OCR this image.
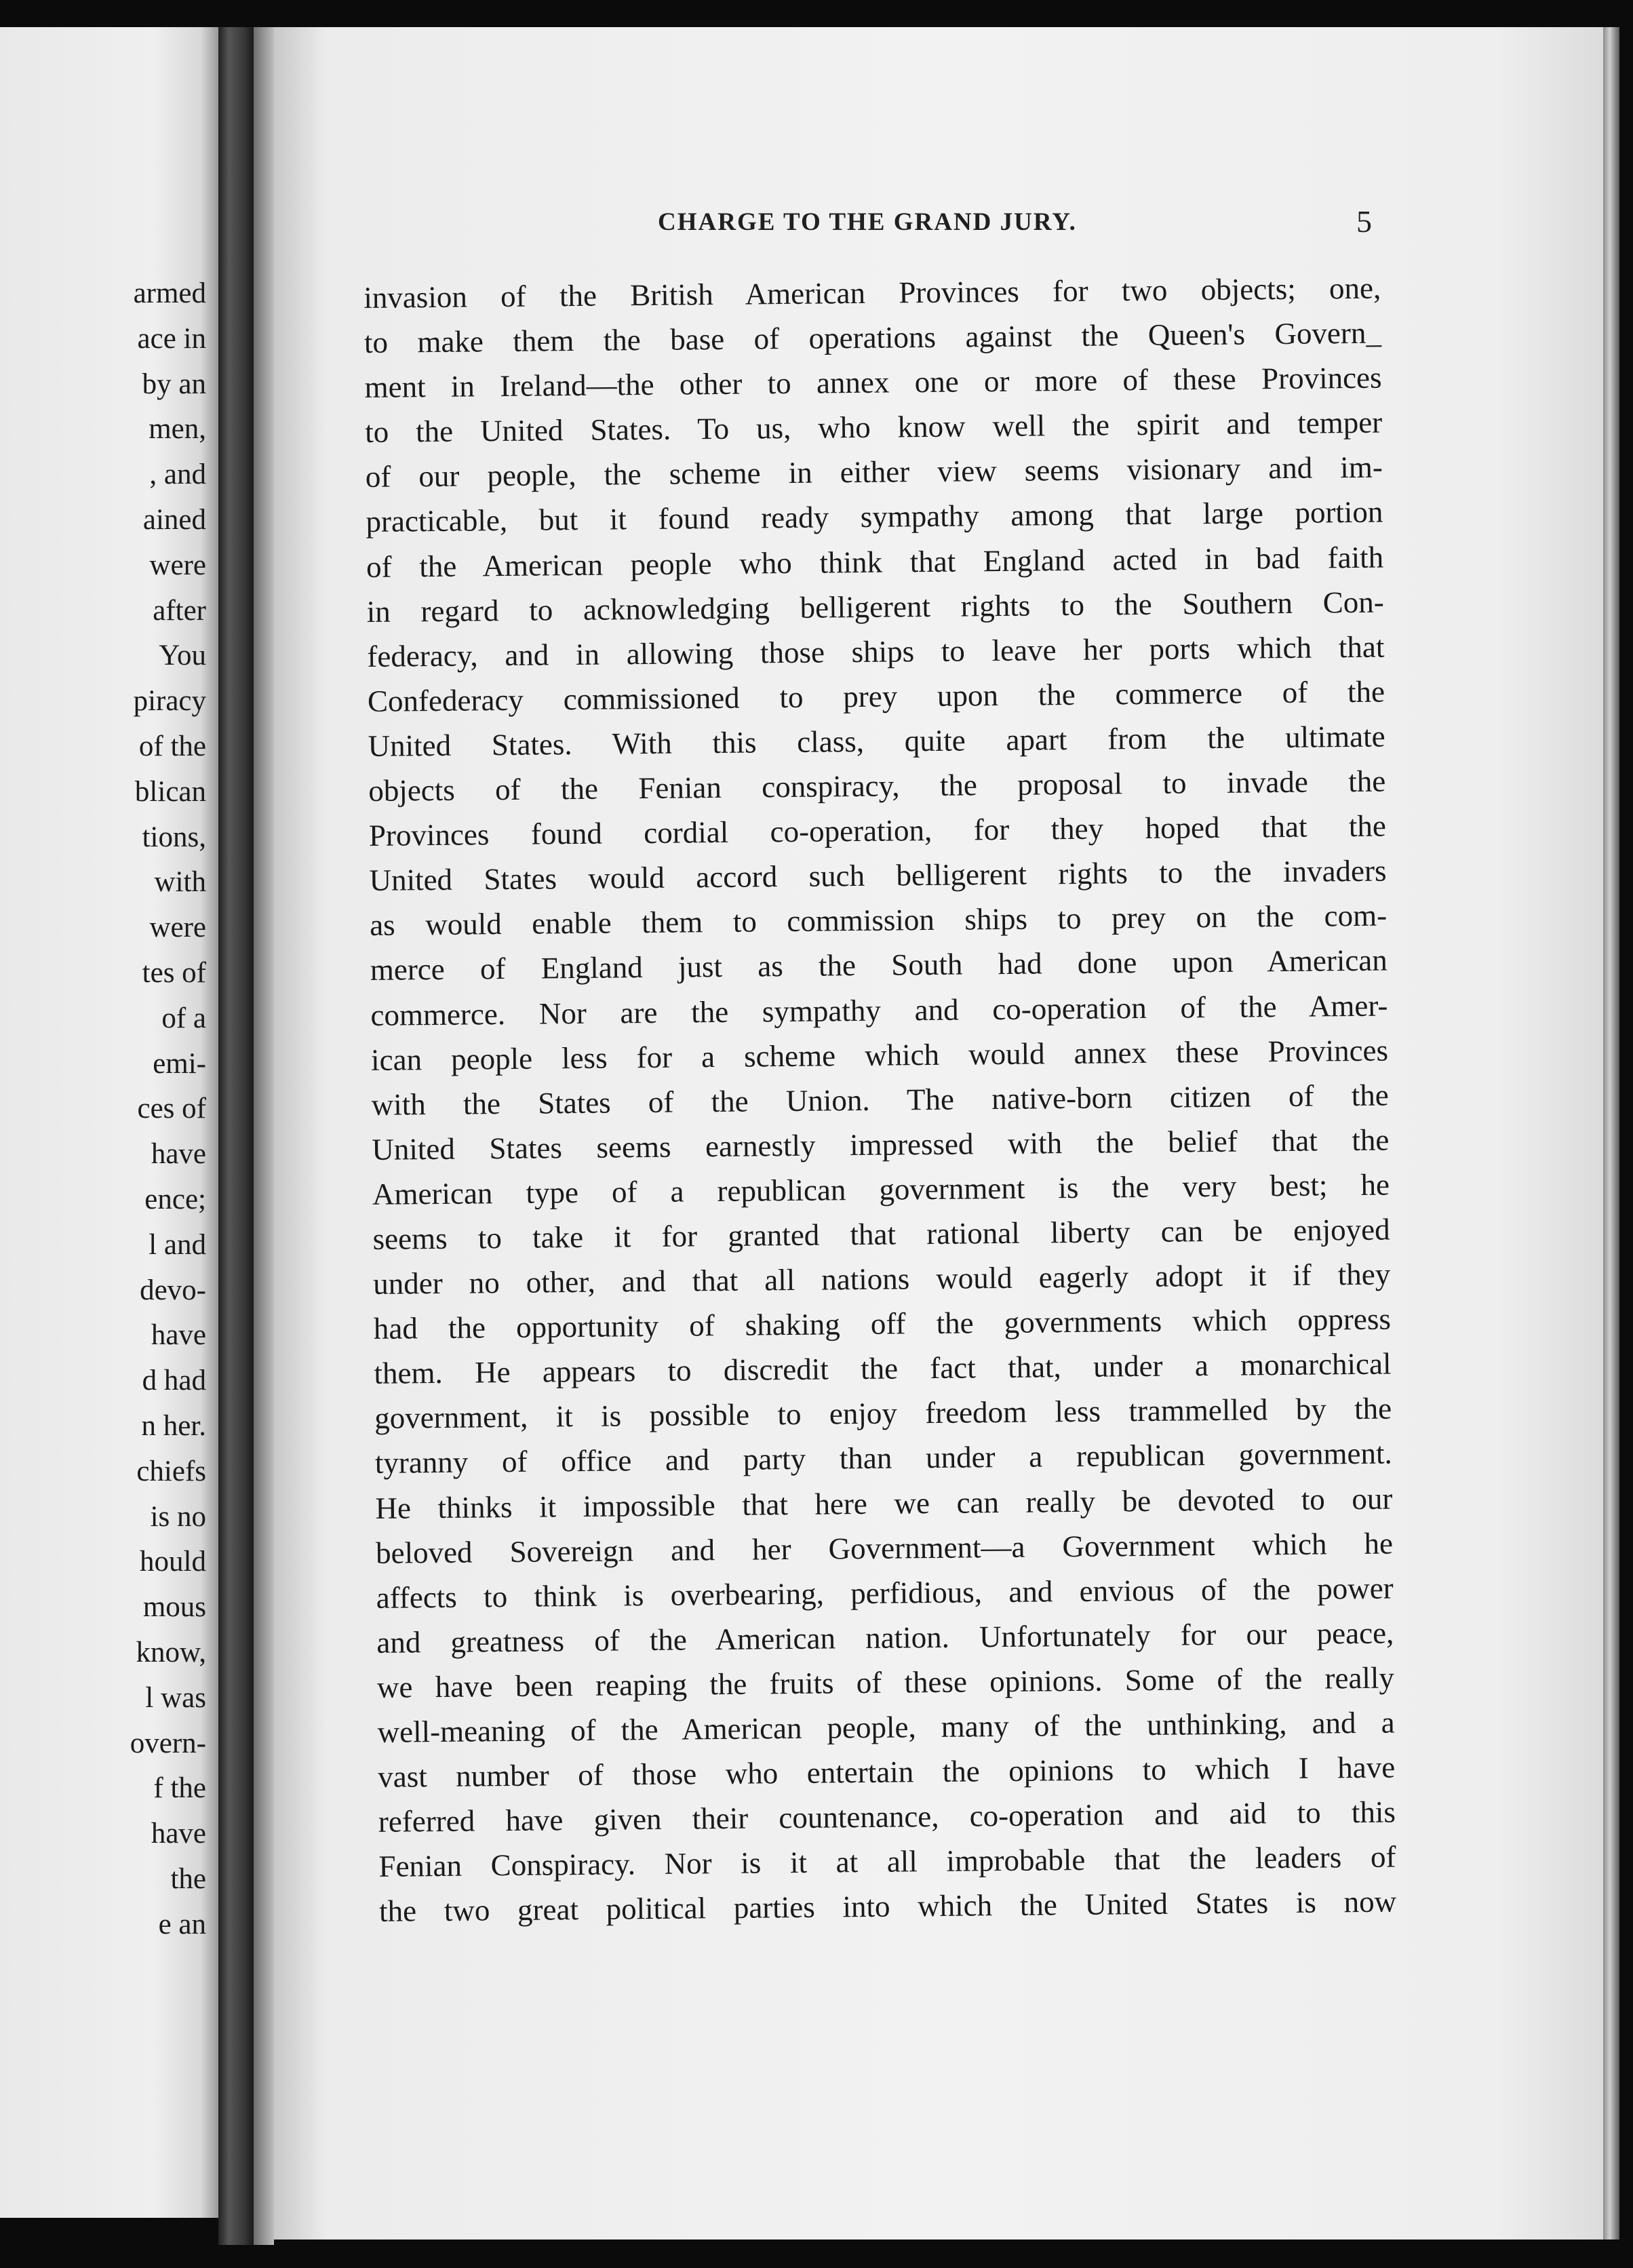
armed
ace in
by an
men,
, and
ained
were
after
You
piracy
of the
blican
tions,
with
were
tes of
of a
emi-
ces of
have
ence;
l and
devo-
have
d had
n her.
chiefs
is no
hould
mous
know,
l was
overn-
f the
have
the
e an
CHARGE TO THE GRAND JURY.	5
invasion of the British American Provinces for two objects; one,
to make them the base of operations against the Queen's Govern_
ment in Ireland—the other to annex one or more of these Provinces
to the United States. To us, who know well the spirit and temper
of our people, the scheme in either view seems visionary and im-
practicable, but it found ready sympathy among that large portion
of the American people who think that England acted in bad faith
in regard to acknowledging belligerent rights to the Southern Con-
federacy, and in allowing those ships to leave her ports which that
Confederacy commissioned to prey upon the commerce of the
United States. With this class, quite apart from the ultimate
objects of the Fenian conspiracy, the proposal to invade the
Provinces found cordial co-operation, for they hoped that the
United States would accord such belligerent rights to the invaders
as would enable them to commission ships to prey on the com-
merce of England just as the South had done upon American
commerce. Nor are the sympathy and co-operation of the Amer-
ican people less for a scheme which would annex these Provinces
with the States of the Union. The native-born citizen of the
United States seems earnestly impressed with the belief that the
American type of a republican government is the very best; he
seems to take it for granted that rational liberty can be enjoyed
under no other, and that all nations would eagerly adopt it if they
had the opportunity of shaking off the governments which oppress
them. He appears to discredit the fact that, under a monarchical
government, it is possible to enjoy freedom less trammelled by the
tyranny of office and party than under a republican government.
He thinks it impossible that here we can really be devoted to our
beloved Sovereign and her Government—a Government which he
affects to think is overbearing, perfidious, and envious of the power
and greatness of the American nation. Unfortunately for our peace,
we have been reaping the fruits of these opinions. Some of the really
well-meaning of the American people, many of the unthinking, and a
vast number of those who entertain the opinions to which I have
referred have given their countenance, co-operation and aid to this
Fenian Conspiracy. Nor is it at all improbable that the leaders of
the two great political parties into which the United States is now
